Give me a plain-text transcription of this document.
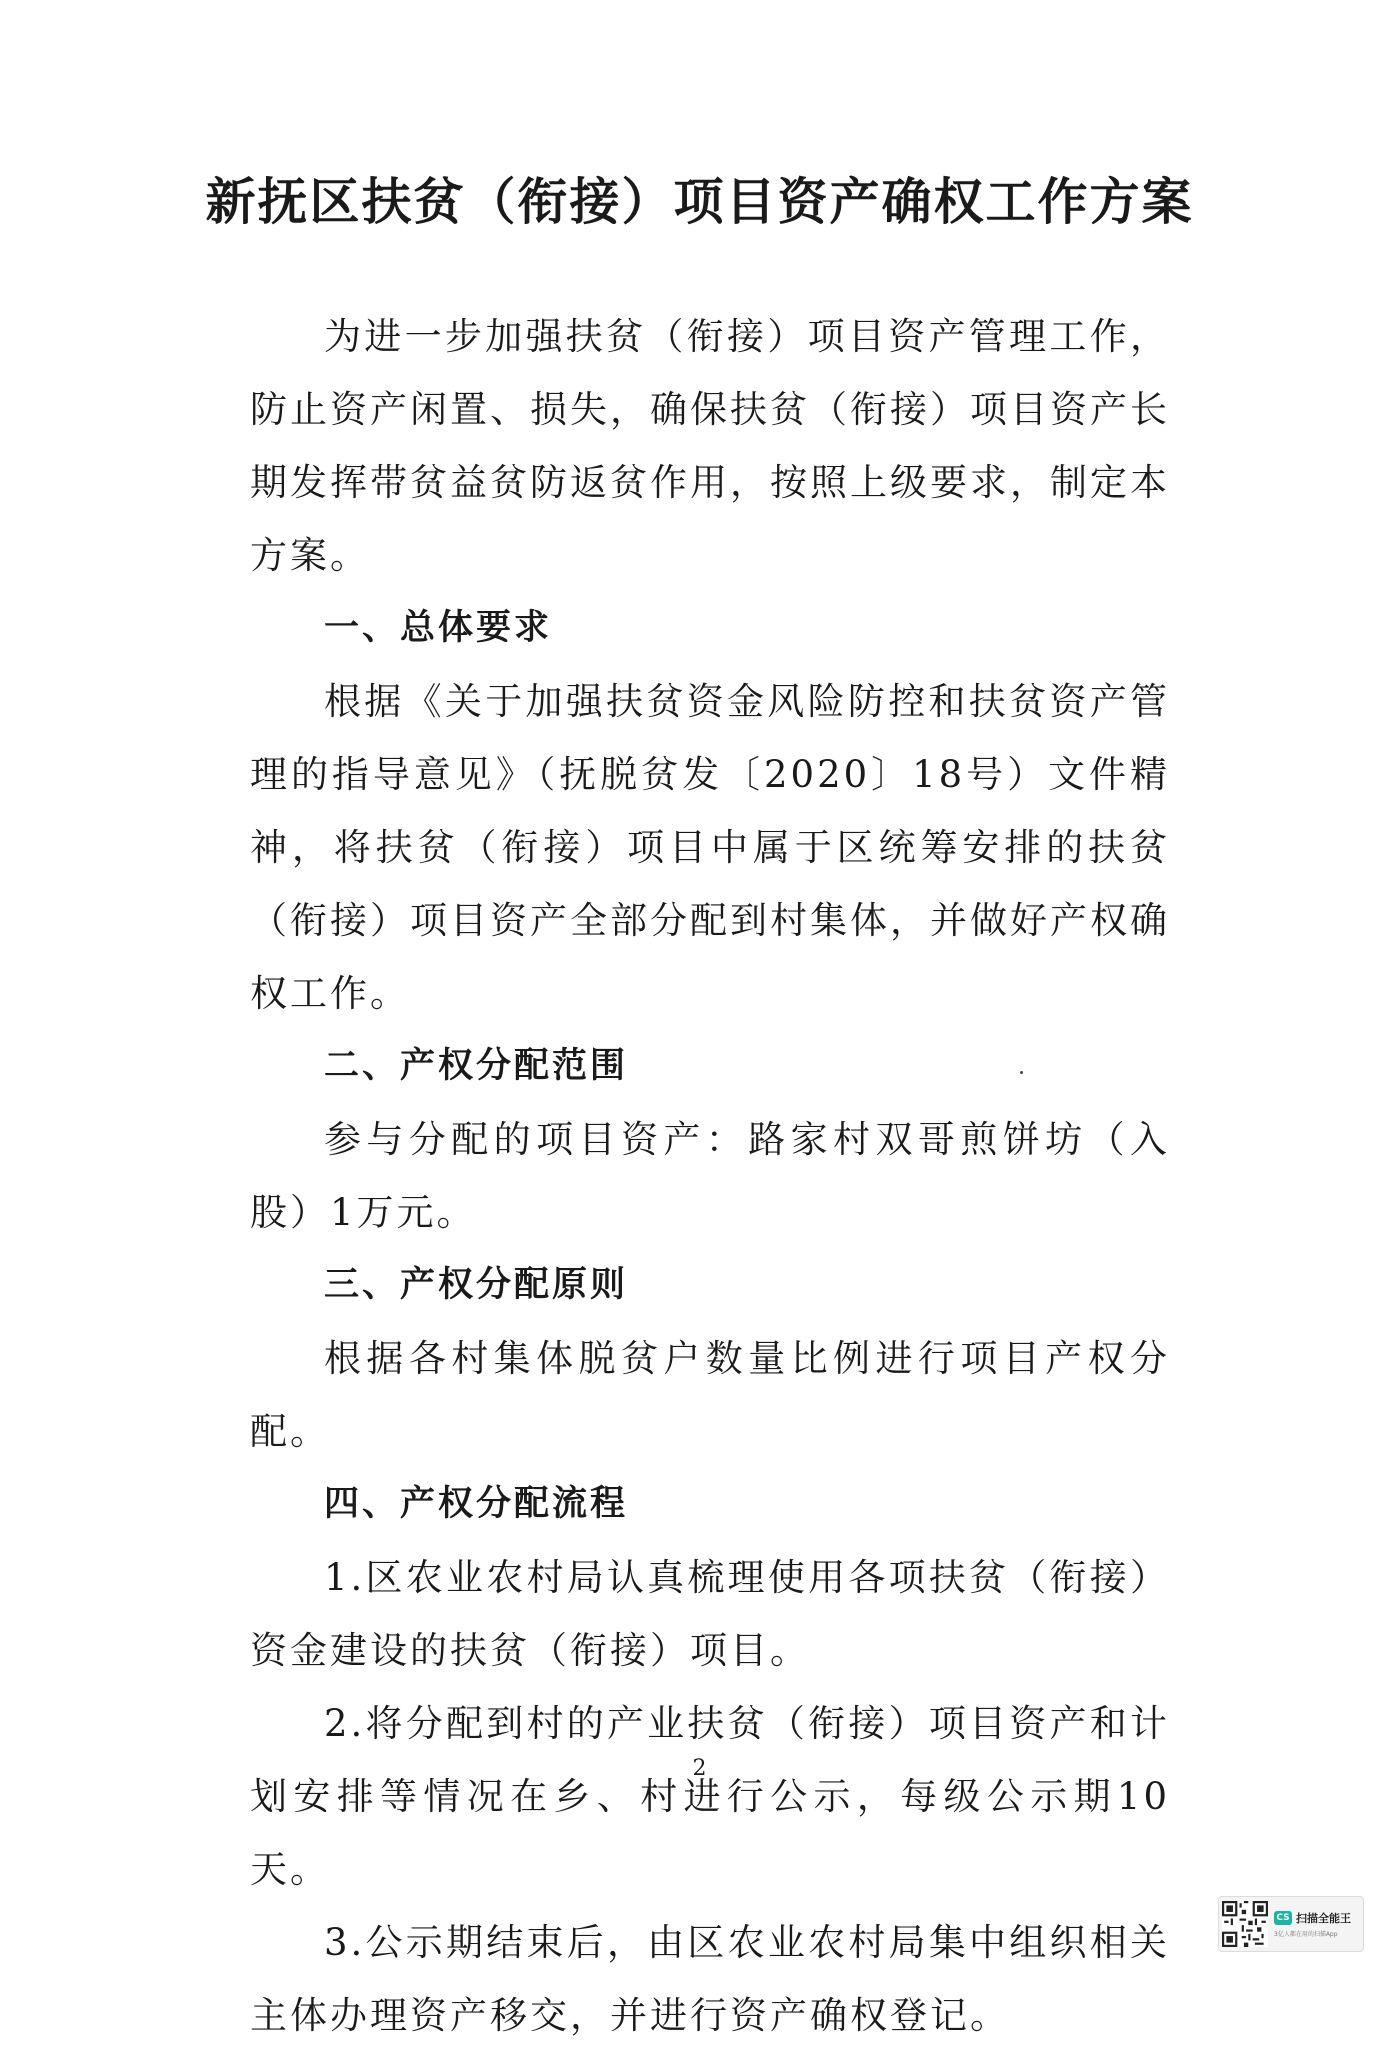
新抚区扶贫（衔接）项目资产确权工作方案

为进一步加强扶贫（衔接）项目资产管理工作，防止资产闲置、损失，确保扶贫（衔接）项目资产长期发挥带贫益贫防返贫作用，按照上级要求，制定本方案。

一、总体要求

根据《关于加强扶贫资金风险防控和扶贫资产管理的指导意见》（抚脱贫发〔2020〕18号）文件精神，将扶贫（衔接）项目中属于区统筹安排的扶贫（衔接）项目资产全部分配到村集体，并做好产权确权工作。

二、产权分配范围

参与分配的项目资产：路家村双哥煎饼坊（入股）1万元。

三、产权分配原则

根据各村集体脱贫户数量比例进行项目产权分配。

四、产权分配流程

1.区农业农村局认真梳理使用各项扶贫（衔接）资金建设的扶贫（衔接）项目。

2.将分配到村的产业扶贫（衔接）项目资产和计划安排等情况在乡、村进行公示，每级公示期10天。

3.公示期结束后，由区农业农村局集中组织相关主体办理资产移交，并进行资产确权登记。

2
CS 扫描全能王
3亿人都在用的扫描App
